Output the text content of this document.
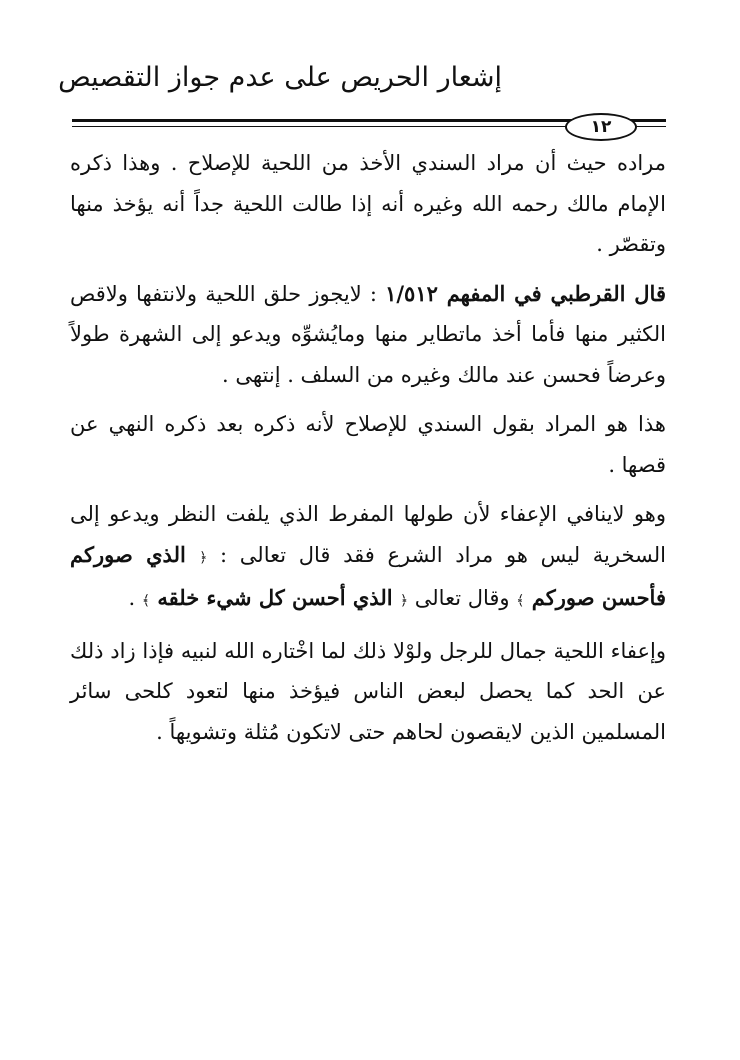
إشعار الحريص على عدم جواز التقصيص
١٢

مراده حيث أن مراد السندي الأخذ من اللحية للإصلاح . وهذا ذكره الإمام مالك رحمه الله وغيره أنه إذا طالت اللحية جداً أنه يؤخذ منها وتقصّر .

قال القرطبي في المفهم ١/٥١٢ : لايجوز حلق اللحية ولانتفها ولاقص الكثير منها فأما أخذ ماتطاير منها ومايُشوِّه ويدعو إلى الشهرة طولاً وعرضاً فحسن عند مالك وغيره من السلف . إنتهى .

هذا هو المراد بقول السندي للإصلاح لأنه ذكره بعد ذكره النهي عن قصها .

وهو لاينافي الإعفاء لأن طولها المفرط الذي يلفت النظر ويدعو إلى السخرية ليس هو مراد الشرع فقد قال تعالى : ﴿ الذي صوركم فأحسن صوركم ﴾ وقال تعالى ﴿ الذي أحسن كل شيء خلقه ﴾ .

وإعفاء اللحية جمال للرجل ولوْلا ذلك لما اخْتاره الله لنبيه فإذا زاد ذلك عن الحد كما يحصل لبعض الناس فيؤخذ منها لتعود كلحى سائر المسلمين الذين لايقصون لحاهم حتى لاتكون مُثلة وتشويهاً .
